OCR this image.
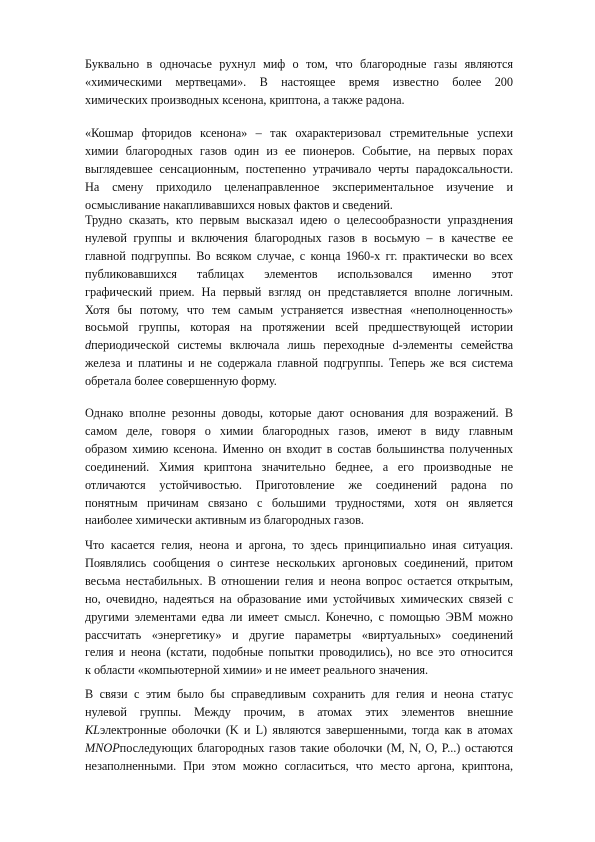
Буквально в одночасье рухнул миф о том, что благородные газы являются
«химическими мертвецами». В настоящее время известно более 200
химических производных ксенона, криптона, а также радона.

«Кошмар фторидов ксенона» – так охарактеризовал стремительные успехи
химии благородных газов один из ее пионеров. Событие, на первых порах
выглядевшее сенсационным, постепенно утрачивало черты парадоксальности.
На смену приходило целенаправленное экспериментальное изучение и
осмысливание накапливавшихся новых фактов и сведений.

Трудно сказать, кто первым высказал идею о целесообразности упразднения
нулевой группы и включения благородных газов в восьмую – в качестве ее
главной подгруппы. Во всяком случае, с конца 1960-х гг. практически во всех
публиковавшихся таблицах элементов использовался именно этот
графический прием. На первый взгляд он представляется вполне логичным.
Хотя бы потому, что тем самым устраняется известная «неполноценность»
восьмой группы, которая на протяжении всей предшествующей истории
dпериодической системы включала лишь переходные d-элементы семейства
железа и платины и не содержала главной подгруппы. Теперь же вся система
обретала более совершенную форму.

Однако вполне резонны доводы, которые дают основания для возражений. В
самом деле, говоря о химии благородных газов, имеют в виду главным
образом химию ксенона. Именно он входит в состав большинства полученных
соединений. Химия криптона значительно беднее, а его производные не
отличаются устойчивостью. Приготовление же соединений радона по
понятным причинам связано с большими трудностями, хотя он является
наиболее химически активным из благородных газов.

Что касается гелия, неона и аргона, то здесь принципиально иная ситуация.
Появлялись сообщения о синтезе нескольких аргоновых соединений, притом
весьма нестабильных. В отношении гелия и неона вопрос остается открытым,
но, очевидно, надеяться на образование ими устойчивых химических связей с
другими элементами едва ли имеет смысл. Конечно, с помощью ЭВМ можно
рассчитать «энергетику» и другие параметры «виртуальных» соединений
гелия и неона (кстати, подобные попытки проводились), но все это относится
к области «компьютерной химии» и не имеет реального значения.

В связи с этим было бы справедливым сохранить для гелия и неона статус
нулевой группы. Между прочим, в атомах этих элементов внешние
KLэлектронные оболочки (K и L) являются завершенными, тогда как в атомах
MNOPпоследующих благородных газов такие оболочки (M, N, O, P...) остаются
незаполненными. При этом можно согласиться, что место аргона, криптона,
